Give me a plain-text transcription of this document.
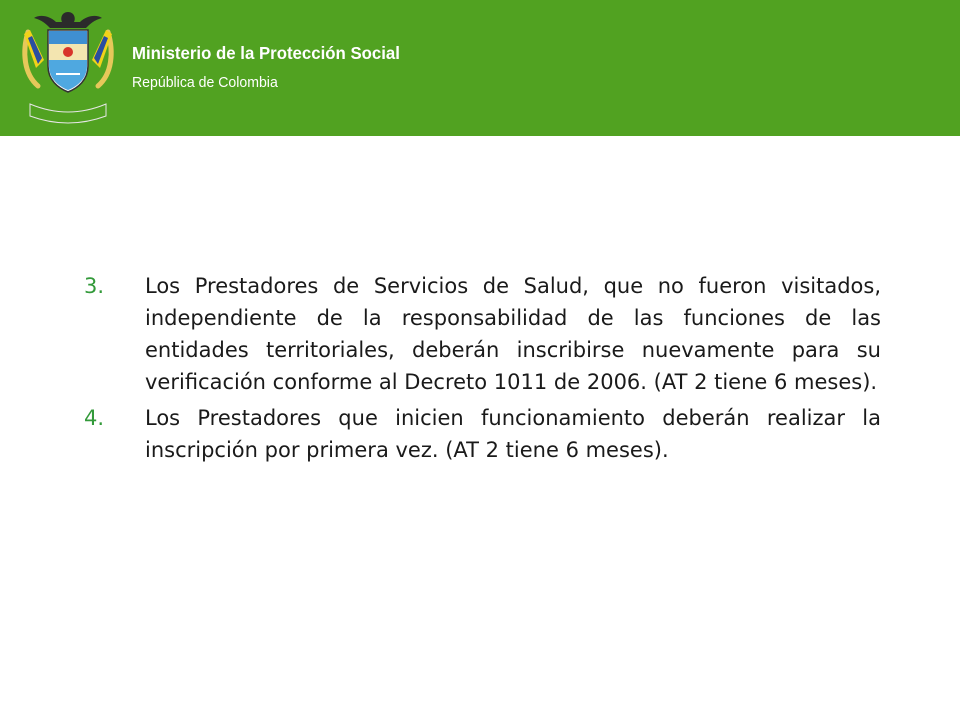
Ministerio de la Protección Social
República de Colombia
3. Los Prestadores de Servicios de Salud, que no fueron visitados, independiente de la responsabilidad de las funciones de las entidades territoriales, deberán inscribirse nuevamente para su verificación conforme al Decreto 1011 de 2006. (AT 2 tiene 6 meses).
4. Los Prestadores que inicien funcionamiento deberán realizar la inscripción por primera vez. (AT 2 tiene 6 meses).
